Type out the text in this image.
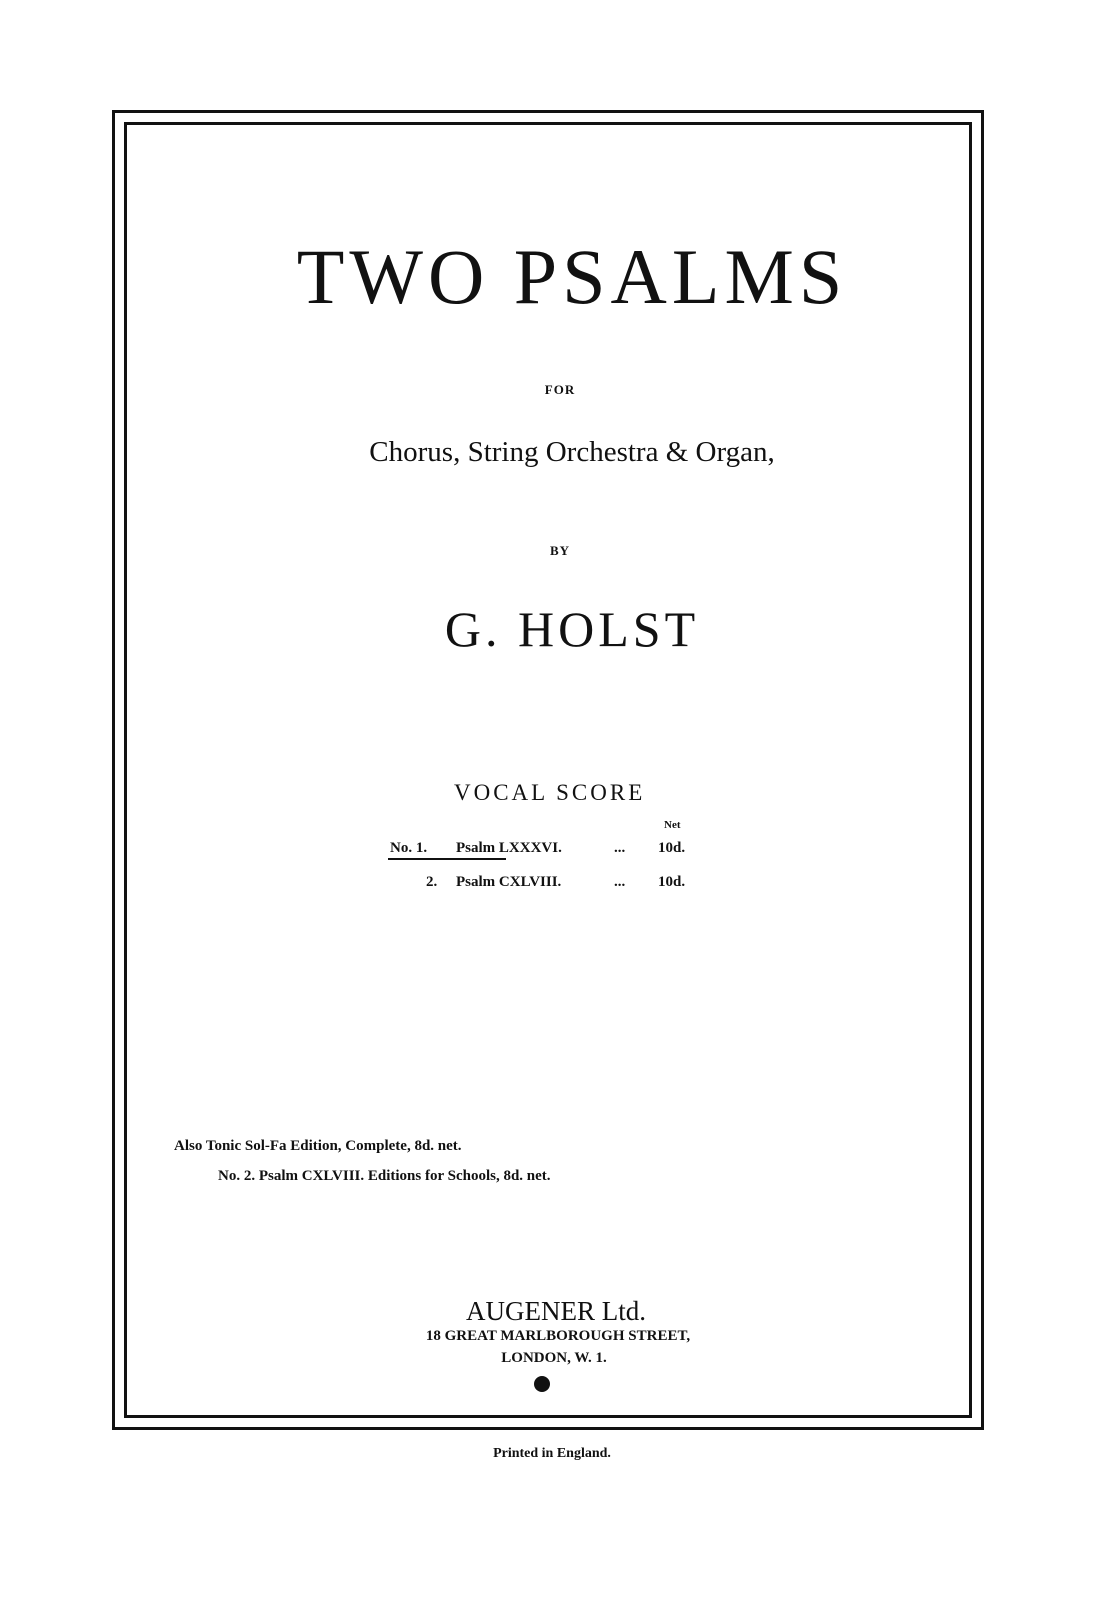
TWO PSALMS
FOR
Chorus, String Orchestra & Organ,
BY
G. HOLST
VOCAL SCORE
Net
No. 1. Psalm LXXXVI.	... 10d.
2. Psalm CXLVIII.	... 10d.
Also Tonic Sol-Fa Edition, Complete, 8d. net.
No. 2. Psalm CXLVIII. Editions for Schools, 8d. net.
AUGENER Ltd.
18 GREAT MARLBOROUGH STREET,
LONDON, W. 1.
Printed in England.
